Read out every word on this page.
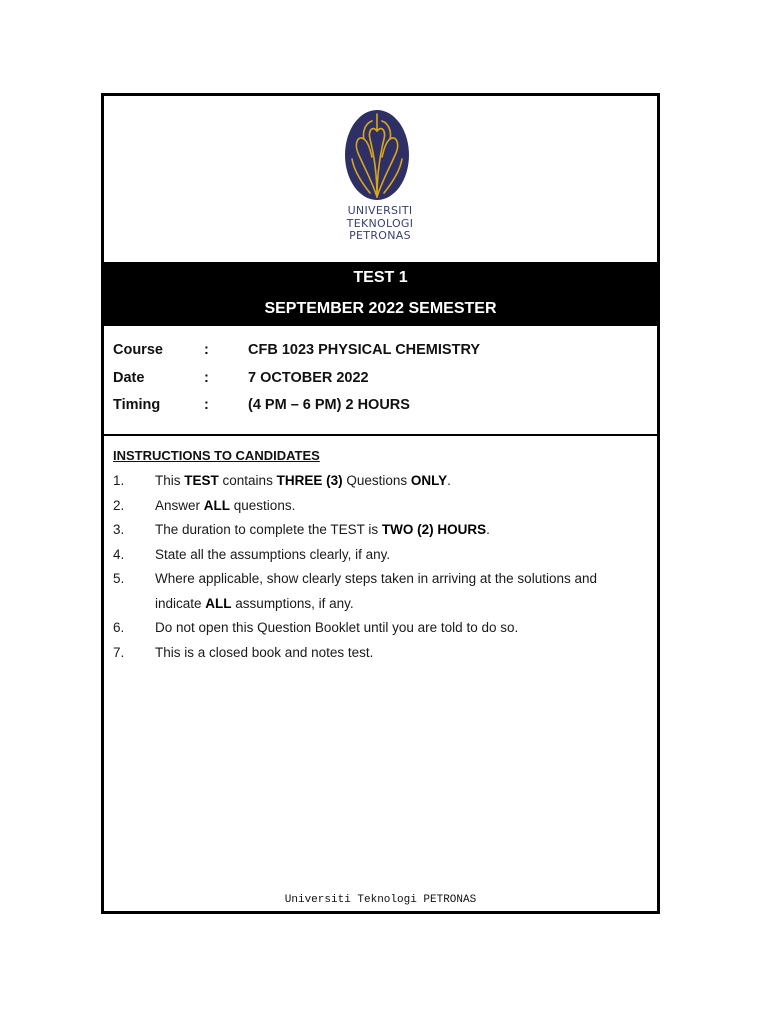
UNIVERSITI
TEKNOLOGI
PETRONAS
TEST 1
SEPTEMBER 2022 SEMESTER
Course	:	CFB 1023 PHYSICAL CHEMISTRY
Date	:	7 OCTOBER 2022
Timing	:	(4 PM – 6 PM) 2 HOURS
INSTRUCTIONS TO CANDIDATES
1. This TEST contains THREE (3) Questions ONLY.
2. Answer ALL questions.
3. The duration to complete the TEST is TWO (2) HOURS.
4. State all the assumptions clearly, if any.
5. Where applicable, show clearly steps taken in arriving at the solutions and
indicate ALL assumptions, if any.
6. Do not open this Question Booklet until you are told to do so.
7. This is a closed book and notes test.
Universiti Teknologi PETRONAS
